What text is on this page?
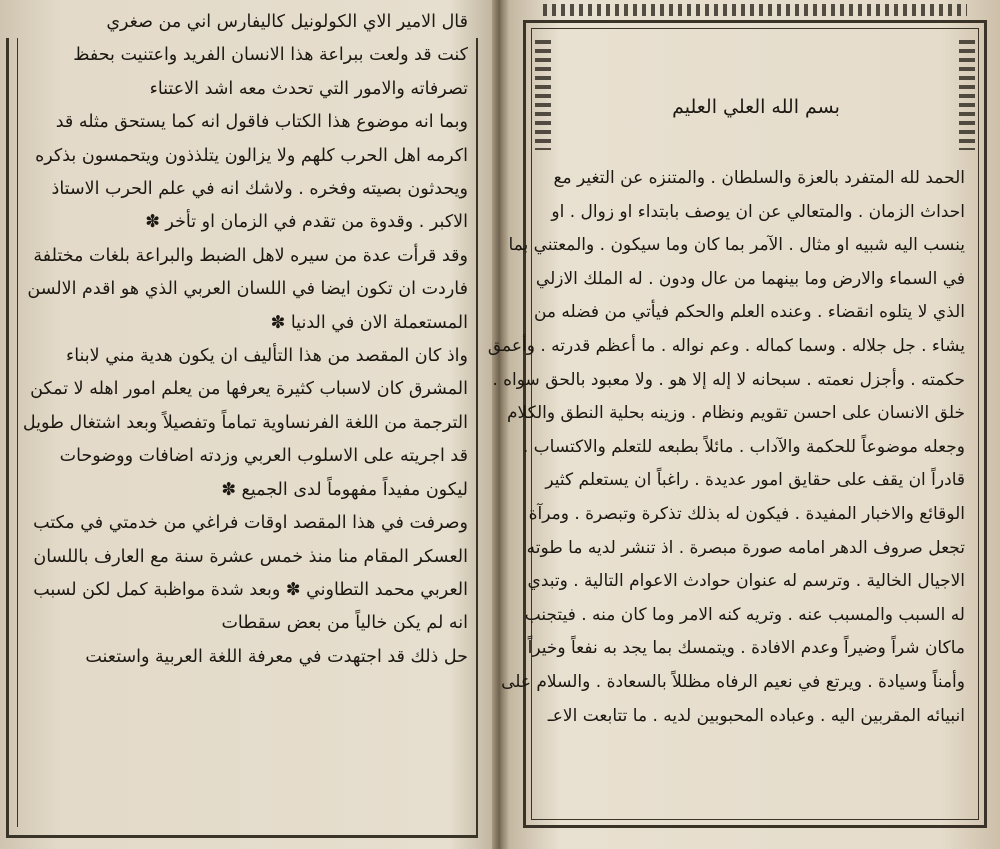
قال الامير الاي الكولونيل كاليفارس اني من صغري
كنت قد ولعت ببراعة هذا الانسان الفريد واعتنيت بحفظ
تصرفاته والامور التي تحدث معه اشد الاعتناء
وبما انه موضوع هذا الكتاب فاقول انه كما يستحق مثله قد
اكرمه اهل الحرب كلهم ولا يزالون يتلذذون ويتحمسون بذكره
ويحدثون بصيته وفخره . ولاشك انه في علم الحرب الاستاذ
الاكبر . وقدوة من تقدم في الزمان او تأخر ✽
وقد قرأت عدة من سيره لاهل الضبط والبراعة بلغات مختلفة
فاردت ان تكون ايضا في اللسان العربي الذي هو اقدم الالسن
المستعملة الان في الدنيا ✽
واذ كان المقصد من هذا التأليف ان يكون هدية مني لابناء
المشرق كان لاسباب كثيرة يعرفها من يعلم امور اهله لا تمكن
الترجمة من اللغة الفرنساوية تماماً وتفصيلاً وبعد اشتغال طويل
قد اجريته على الاسلوب العربي وزدته اضافات ووضوحات
ليكون مفيداً مفهوماً لدى الجميع ✽
وصرفت في هذا المقصد اوقات فراغي من خدمتي في مكتب
العسكر المقام منا منذ خمس عشرة سنة مع العارف باللسان
العربي محمد التطاوني ✽ وبعد شدة مواظبة كمل لكن لسبب
انه لم يكن خالياً من بعض سقطات
حل ذلك قد اجتهدت في معرفة اللغة العربية واستعنت
بسم الله العلي العليم
الحمد لله المتفرد بالعزة والسلطان . والمتنزه عن التغير مع
احداث الزمان . والمتعالي عن ان يوصف بابتداء او زوال . او
ينسب اليه شبيه او مثال . الآمر بما كان وما سيكون . والمعتني بما
في السماء والارض وما بينهما من عال ودون . له الملك الازلي
الذي لا يتلوه انقضاء . وعنده العلم والحكم فيأتي من فضله من
يشاء . جل جلاله . وسما كماله . وعم نواله . ما أعظم قدرته . وأعمق
حكمته . وأجزل نعمته . سبحانه لا إله إلا هو . ولا معبود بالحق سواه .
خلق الانسان على احسن تقويم ونظام . وزينه بحلية النطق والكلام
وجعله موضوعاً للحكمة والآداب . مائلاً بطبعه للتعلم والاكتساب .
قادراً ان يقف على حقايق امور عديدة . راغباً ان يستعلم كثير
الوقائع والاخبار المفيدة . فيكون له بذلك تذكرة وتبصرة . ومرآة
تجعل صروف الدهر امامه صورة مبصرة . اذ تنشر لديه ما طوته
الاجيال الخالية . وترسم له عنوان حوادث الاعوام التالية . وتبدي
له السبب والمسبب عنه . وتريه كنه الامر وما كان منه . فيتجنب
ماكان شراً وضيراً وعدم الافادة . ويتمسك بما يجد به نفعاً وخيراً
وأمناً وسيادة . ويرتع في نعيم الرفاه مظللاً بالسعادة . والسلام على
انبيائه المقربين اليه . وعباده المحبوبين لديه . ما تتابعت الاعـ
